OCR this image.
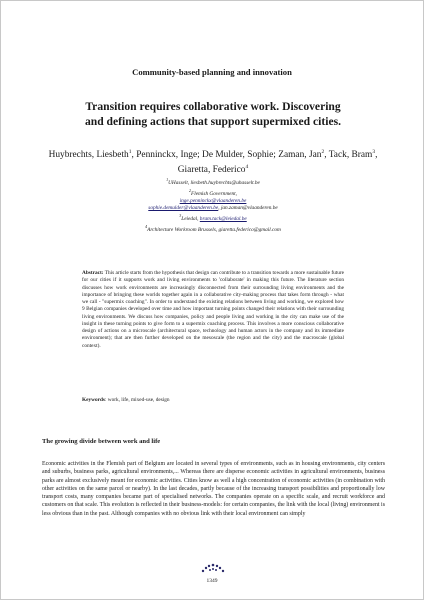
Community-based planning and innovation
Transition requires collaborative work. Discovering
and defining actions that support supermixed cities.
Huybrechts, Liesbeth$^1$, Penninckx, Inge; De Mulder, Sophie; Zaman, Jan$^2$, Tack, Bram$^3$,
Giaretta, Federico$^4$
$^1$UHasselt, liesbeth.huybrechts@uhasselt.be
$^2$Flemish Government,
inge.penninckx@vlaanderen.be
sophie.demulder@vlaanderen.be, jan.zaman@vlaanderen.be
$^3$Leiedal, bram.tack@leiedal.be
$^4$Architecture Workroom Brussels, giaretta.federico@gmail.com
Abstract: This article starts from the hypothesis that design can contribute to a transition towards a more sustainable future for our cities if it supports work and living environments to 'collaborate' in making this future. The literature section discusses how work environments are increasingly disconnected from their surrounding living environments and the importance of bringing these worlds together again in a collaborative city-making process that takes form through - what we call - "supermix coaching". In order to understand the existing relations between living and working, we explored how 9 Belgian companies developed over time and how important turning points changed their relations with their surrounding living environments. We discuss how companies, policy and people living and working in the city can make use of the insight in these turning points to give form to a supermix coaching process. This involves a more conscious collaborative design of actions on a microscale (architectural space, technology and human actors in the company and its immediate environment); that are then further developed on the mesoscale (the region and the city) and the macroscale (global context).
Keywords: work, life, mixed-use, design
The growing divide between work and life
Economic activities in the Flemish part of Belgium are located in several types of environments, such as in housing environments, city centers and suburbs, business parks, agricultural environments,... Whereas there are disperse economic activities in agricultural environments, business parks are almost exclusively meant for economic activities. Cities know as well a high concentration of economic activities (in combination with other activities on the same parcel or nearby). In the last decades, partly because of the increasing transport possibilities and proportionally low transport costs, many companies became part of specialised networks. The companies operate on a specific scale, and recruit workforce and customers on that scale. This evolution is reflected in their business-models: for certain companies, the link with the local (living) environment is less obvious than in the past. Although companies with no obvious link with their local environment can simply
1349
